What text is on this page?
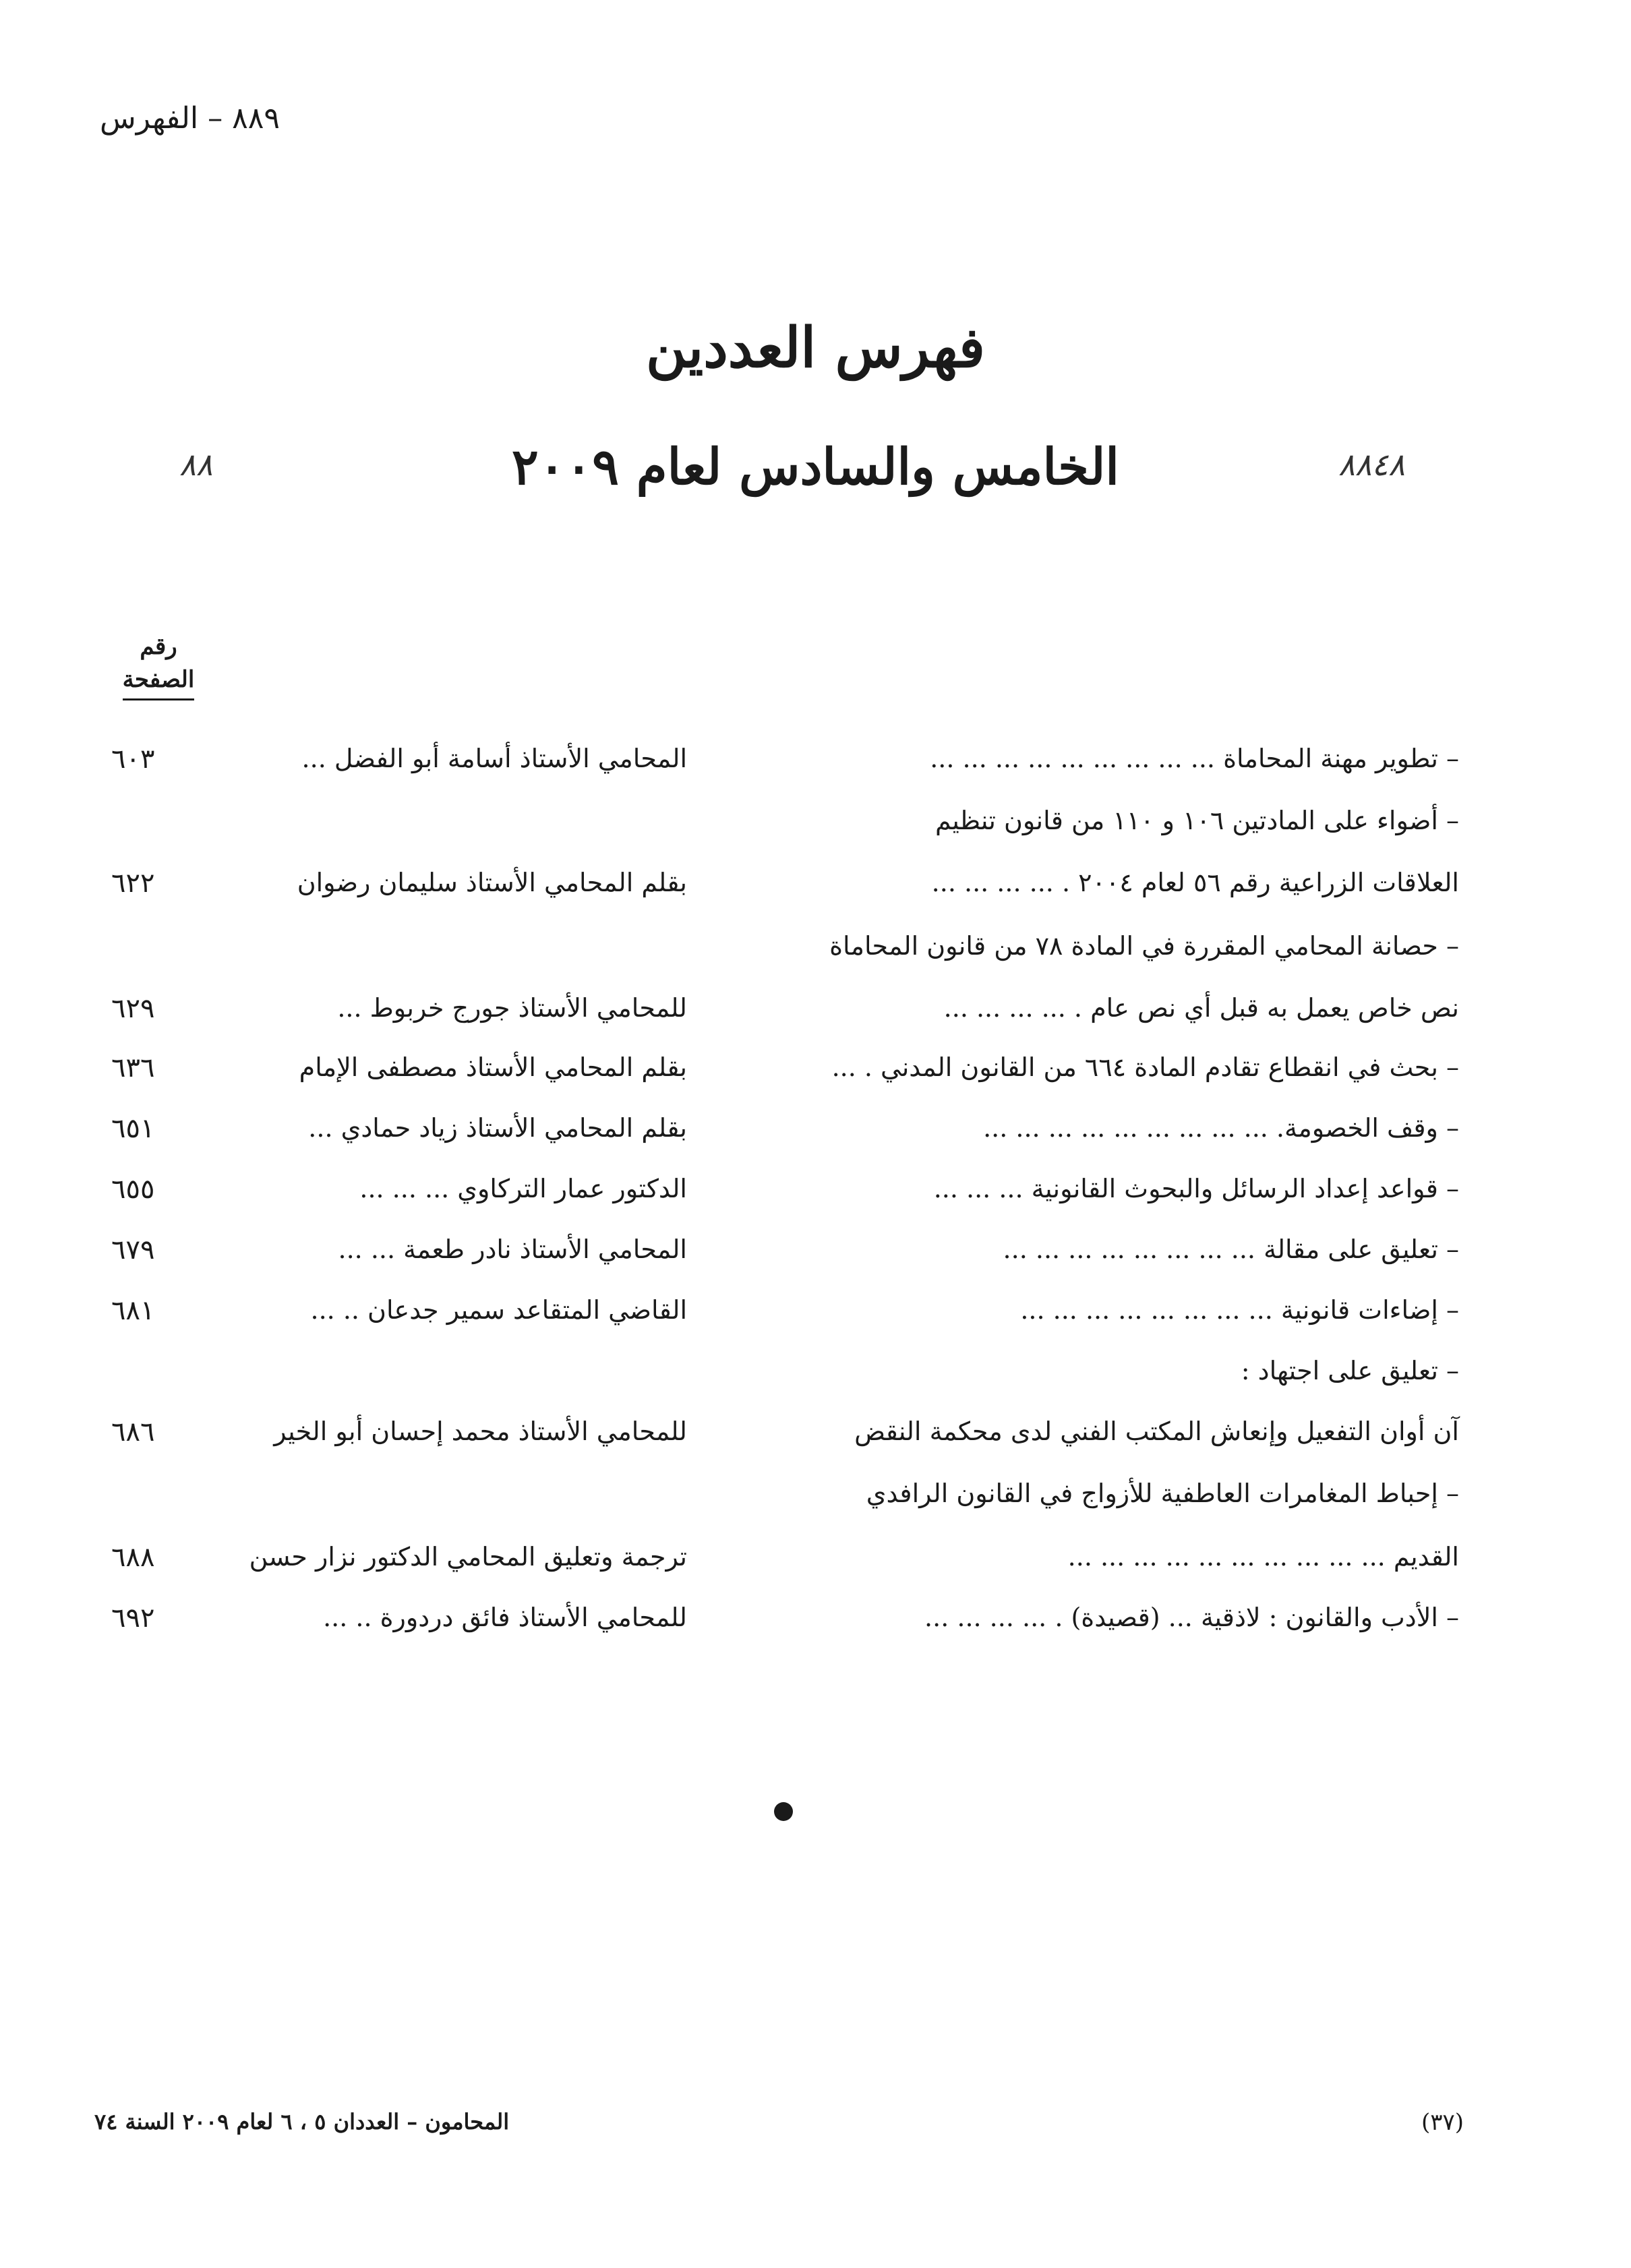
٨٨٩ – الفهرس
فهرس العددين
الخامس والسادس لعام ٢٠٠٩
٨٨	٨٨٤٨
رقم
الصفحة
– تطوير مهنة المحاماة ... ... ... ... ... ... ... ... ...
المحامي الأستاذ أسامة أبو الفضل ...
٦٠٣
– أضواء على المادتين ١٠٦ و ١١٠ من قانون تنظيم
العلاقات الزراعية رقم ٥٦ لعام ٢٠٠٤ . ... ... ... ...
بقلم المحامي الأستاذ سليمان رضوان
٦٢٢
– حصانة المحامي المقررة في المادة ٧٨ من قانون المحاماة
نص خاص يعمل به قبل أي نص عام . ... ... ... ...
للمحامي الأستاذ جورج خربوط ...
٦٢٩
– بحث في انقطاع تقادم المادة ٦٦٤ من القانون المدني . ...
بقلم المحامي الأستاذ مصطفى الإمام
٦٣٦
– وقف الخصومة. ... ... ... ... ... ... ... ... ...
بقلم المحامي الأستاذ زياد حمادي ...
٦٥١
– قواعد إعداد الرسائل والبحوث القانونية ... ... ...
الدكتور عمار التركاوي ... ... ...
٦٥٥
– تعليق على مقالة ... ... ... ... ... ... ... ...
المحامي الأستاذ نادر طعمة ... ...
٦٧٩
– إضاءات قانونية ... ... ... ... ... ... ... ...
القاضي المتقاعد سمير جدعان .. ...
٦٨١
– تعليق على اجتهاد :
آن أوان التفعيل وإنعاش المكتب الفني لدى محكمة النقض
للمحامي الأستاذ محمد إحسان أبو الخير
٦٨٦
– إحباط المغامرات العاطفية للأزواج في القانون الرافدي
القديم ... ... ... ... ... ... ... ... ... ...
ترجمة وتعليق المحامي الدكتور نزار حسن
٦٨٨
– الأدب والقانون : لاذقية ... (قصيدة) . ... ... ... ...
للمحامي الأستاذ فائق دردورة .. ...
٦٩٢
المحامون – العددان ٥ ، ٦ لعام ٢٠٠٩ السنة ٧٤	(٣٧)
